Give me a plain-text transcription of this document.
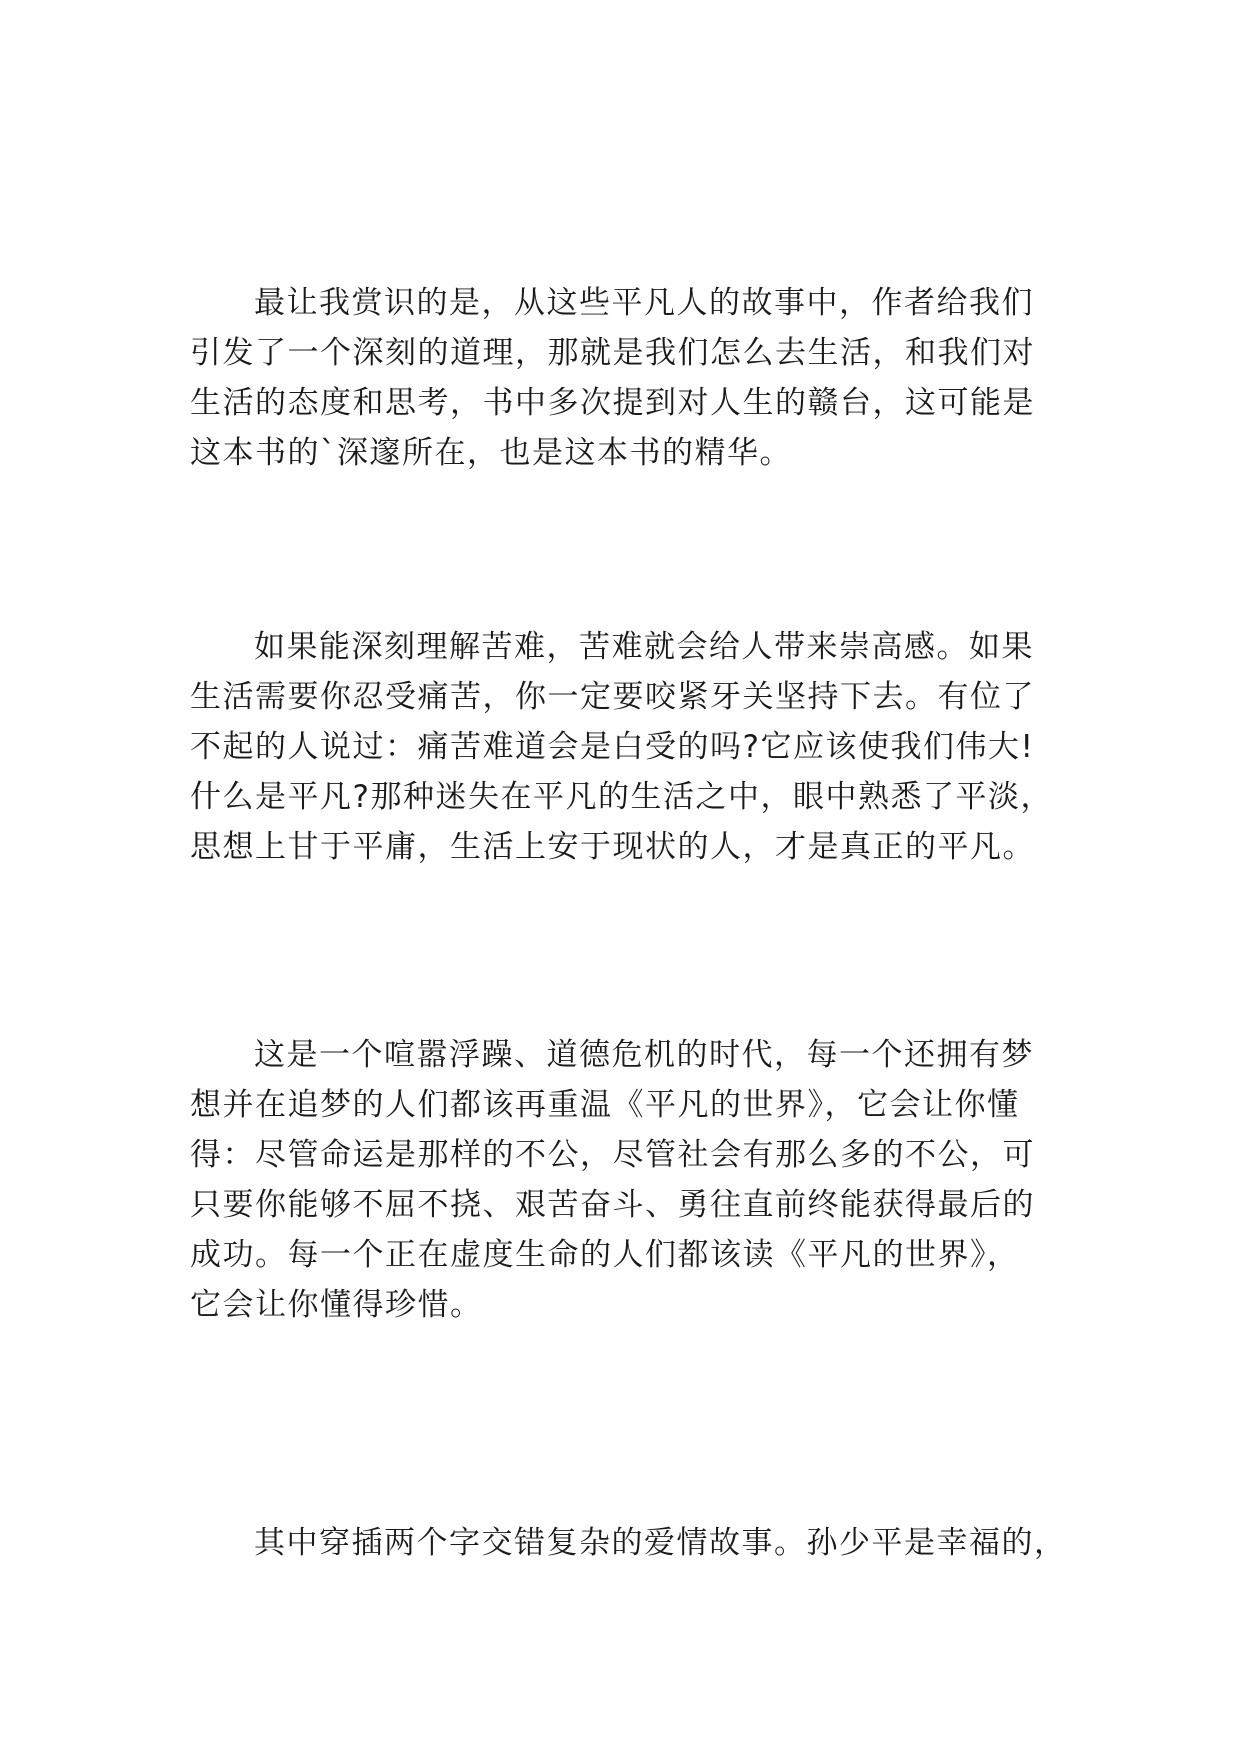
最让我赏识的是，从这些平凡人的故事中，作者给我们
引发了一个深刻的道理，那就是我们怎么去生活，和我们对
生活的态度和思考，书中多次提到对人生的赣台，这可能是
这本书的`深邃所在，也是这本书的精华。
如果能深刻理解苦难，苦难就会给人带来崇高感。如果
生活需要你忍受痛苦，你一定要咬紧牙关坚持下去。有位了
不起的人说过：痛苦难道会是白受的吗?它应该使我们伟大!
什么是平凡?那种迷失在平凡的生活之中，眼中熟悉了平淡，
思想上甘于平庸，生活上安于现状的人，才是真正的平凡。
这是一个喧嚣浮躁、道德危机的时代，每一个还拥有梦
想并在追梦的人们都该再重温《平凡的世界》，它会让你懂
得：尽管命运是那样的不公，尽管社会有那么多的不公，可
只要你能够不屈不挠、艰苦奋斗、勇往直前终能获得最后的
成功。每一个正在虚度生命的人们都该读《平凡的世界》，
它会让你懂得珍惜。
其中穿插两个字交错复杂的爱情故事。孙少平是幸福的，
